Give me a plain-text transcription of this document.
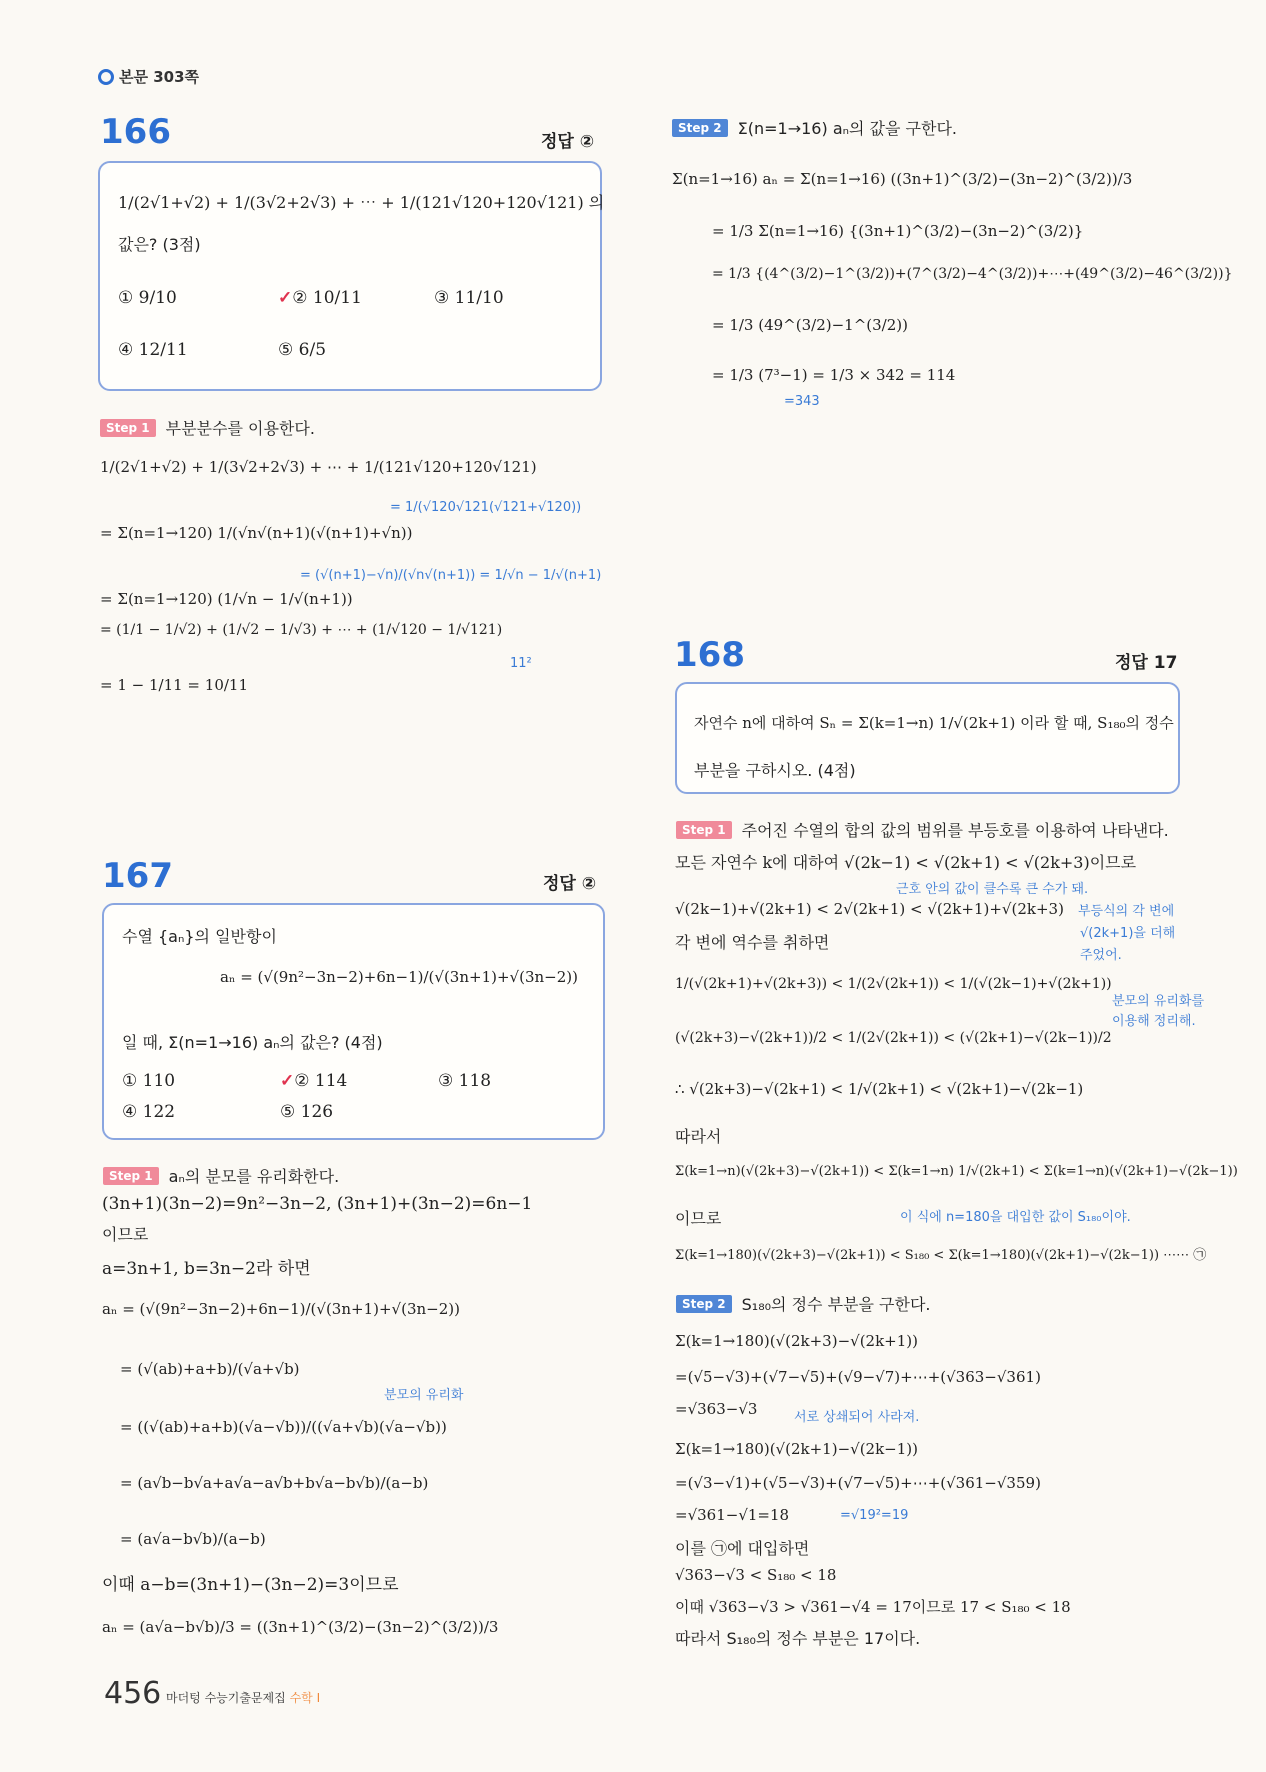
본문 303쪽
166	정답 ②
1/(2√1+√2) + 1/(3√2+2√3) + ⋯ + 1/(121√120+120√121) 의
값은? (3점)
① 9/10	✓② 10/11	③ 11/10
④ 12/11	⑤ 6/5
Step 1	부분분수를 이용한다.
1/(2√1+√2) + 1/(3√2+2√3) + ⋯ + 1/(121√120+120√121)
= 1/(√120√121(√121+√120))
= Σ(n=1→120) 1/(√n√(n+1)(√(n+1)+√n))
= (√(n+1)−√n)/(√n√(n+1)) = 1/√n − 1/√(n+1)
= Σ(n=1→120) (1/√n − 1/√(n+1))
= (1/1 − 1/√2) + (1/√2 − 1/√3) + ⋯ + (1/√120 − 1/√121)
11²
= 1 − 1/11 = 10/11
167	정답 ②
수열 {aₙ}의 일반항이
aₙ = (√(9n²−3n−2)+6n−1)/(√(3n+1)+√(3n−2))
일 때, Σ(n=1→16) aₙ의 값은? (4점)
① 110	✓② 114	③ 118
④ 122	⑤ 126
Step 1	aₙ의 분모를 유리화한다.
(3n+1)(3n−2)=9n²−3n−2, (3n+1)+(3n−2)=6n−1
이므로
a=3n+1, b=3n−2라 하면
aₙ = (√(9n²−3n−2)+6n−1)/(√(3n+1)+√(3n−2))
= (√(ab)+a+b)/(√a+√b)
분모의 유리화
= ((√(ab)+a+b)(√a−√b))/((√a+√b)(√a−√b))
= (a√b−b√a+a√a−a√b+b√a−b√b)/(a−b)
= (a√a−b√b)/(a−b)
이때 a−b=(3n+1)−(3n−2)=3이므로
aₙ = (a√a−b√b)/3 = ((3n+1)^(3/2)−(3n−2)^(3/2))/3
Step 2	Σ(n=1→16) aₙ의 값을 구한다.
Σ(n=1→16) aₙ = Σ(n=1→16) ((3n+1)^(3/2)−(3n−2)^(3/2))/3
= 1/3 Σ(n=1→16) {(3n+1)^(3/2)−(3n−2)^(3/2)}
= 1/3 {(4^(3/2)−1^(3/2))+(7^(3/2)−4^(3/2))+⋯+(49^(3/2)−46^(3/2))}
= 1/3 (49^(3/2)−1^(3/2))
= 1/3 (7³−1) = 1/3 × 342 = 114
=343
168	정답 17
자연수 n에 대하여 Sₙ = Σ(k=1→n) 1/√(2k+1) 이라 할 때, S₁₈₀의 정수
부분을 구하시오. (4점)
Step 1	주어진 수열의 합의 값의 범위를 부등호를 이용하여 나타낸다.
모든 자연수 k에 대하여 √(2k−1) < √(2k+1) < √(2k+3)이므로
근호 안의 값이 클수록 큰 수가 돼.
√(2k−1)+√(2k+1) < 2√(2k+1) < √(2k+1)+√(2k+3) 부등식의 각 변에
각 변에 역수를 취하면	√(2k+1)을 더해
주었어.
1/(√(2k+1)+√(2k+3)) < 1/(2√(2k+1)) < 1/(√(2k−1)+√(2k+1))
분모의 유리화를
이용해 정리해.
(√(2k+3)−√(2k+1))/2 < 1/(2√(2k+1)) < (√(2k+1)−√(2k−1))/2
∴ √(2k+3)−√(2k+1) < 1/√(2k+1) < √(2k+1)−√(2k−1)
따라서
Σ(k=1→n)(√(2k+3)−√(2k+1)) < Σ(k=1→n) 1/√(2k+1) < Σ(k=1→n)(√(2k+1)−√(2k−1))
이므로	이 식에 n=180을 대입한 값이 S₁₈₀이야.
Σ(k=1→180)(√(2k+3)−√(2k+1)) < S₁₈₀ < Σ(k=1→180)(√(2k+1)−√(2k−1)) ⋯⋯ ㉠
Step 2	S₁₈₀의 정수 부분을 구한다.
Σ(k=1→180)(√(2k+3)−√(2k+1))
=(√5−√3)+(√7−√5)+(√9−√7)+⋯+(√363−√361)
=√363−√3	서로 상쇄되어 사라져.
Σ(k=1→180)(√(2k+1)−√(2k−1))
=(√3−√1)+(√5−√3)+(√7−√5)+⋯+(√361−√359)
=√361−√1=18	=√19²=19
이를 ㉠에 대입하면
√363−√3 < S₁₈₀ < 18
이때 √363−√3 > √361−√4 = 17이므로 17 < S₁₈₀ < 18
따라서 S₁₈₀의 정수 부분은 17이다.
456 마더텅 수능기출문제집 수학 I
